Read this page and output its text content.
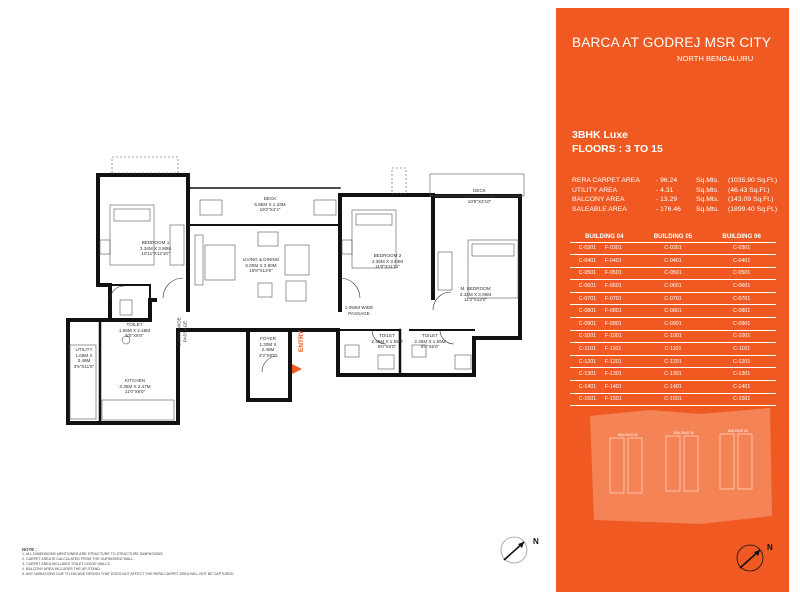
BEDROOM 1
3.34M X 3.90M
10'11"X12'10"
DECK
5.85M X 1.33M
19'2"X4'4"
LIVING & DINING
6.00M X 3.80M
19'8"X12'6"
BEDROOM 2
3.35M X 3.63M
11'0"X11'11"
DECK
3.25M X 1.18M
10'8"X3'10"
M. BEDROOM
3.42M X 3.95M
11'2"X13'0"
TOILET
1.55M X 2.48M
5'0"X8'0"	1.050M WIDE
PASSAGE
1.050M WIDE
PASSAGE
TOILET
2.45M X 1.55M
8'0"X5'0"
TOILET
2.45M X 1.55M
8'0"X5'0"
FOYER
1.30M X
2.48M
4'3"X8'0"
UTILITY
1.08M X
3.48M
3'6"X11'5"
KITCHEN
3.35M X 2.47M
11'0"X8'0"
ENTRY
NOTE :
1. ALL DIMENSIONS MENTIONED ARE STRUCTURE TO STRUCTURE DIMENSIONS.
2. CARPET AREA IS CALCULATED FROM THE UNFINISHED WALL.
3. CARPET AREA INCLUDES TOILET LEDGE WALLS.
4. BALCONY AREA INCLUDES THE UP-STAND.
5. ANY VARIATIONS DUE TO FACADE DESIGN THAT DOES NOT AFFECT THE RERA CARPET AREA WILL NOT BE CAPTURED.
N
BARCA AT GODREJ MSR CITY
NORTH BENGALURU
3BHK Luxe
FLOORS : 3 TO 15
RERA CARPET AREA	- 96.24	Sq.Mts.	(1035.90 Sq.Ft.)
UTILITY AREA	- 4.31	Sq.Mts.	(46.43 Sq.Ft.)
BALCONY AREA	- 13.29	Sq.Mts.	(143.09 Sq.Ft.)
SALEABLE AREA	- 176.46	Sq.Mts.	(1899.40 Sq.Ft.)
BUILDING 04		BUILDING 05	BUILDING 06
C-0301	F-0301	C-0301	C-0301
C-0401	F-0401	C-0401	C-0401
C-0501	F-0501	C-0501	C-0501
C-0601	F-0601	C-0601	C-0601
C-0701	F-0701	C-0701	C-0701
C-0801	F-0801	C-0801	C-0801
C-0901	F-0901	C-0901	C-0901
C-1001	F-1001	C-1001	C-1001
C-1101	F-1101	C-1101	C-1101
C-1201	F-1201	C-1201	C-1201
C-1301	F-1301	C-1301	C-1301
C-1401	F-1401	C-1401	C-1401
C-1501	F-1501	C-1501	C-1501
BUILDING 04	BUILDING 05	BUILDING 06
N
